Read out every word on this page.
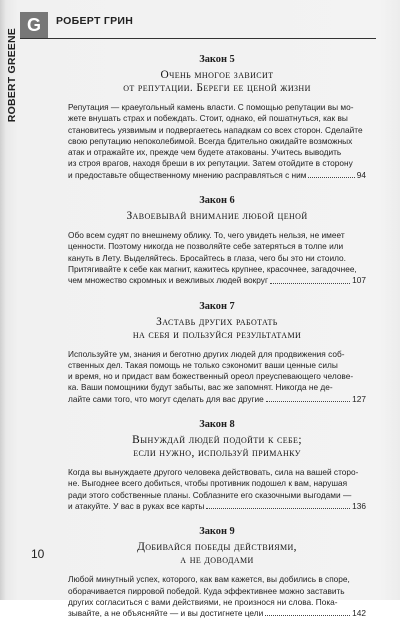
ROBERT GREENE
G	РОБЕРТ ГРИН
Закон 5
Очень многое зависит
от репутации. Береги ее ценой жизни
Репутация — краеугольный камень власти. С помощью репутации вы мо-
жете внушать страх и побеждать. Стоит, однако, ей пошатнуться, как вы
становитесь уязвимым и подвергаетесь нападкам со всех сторон. Сделайте
свою репутацию непоколебимой. Всегда бдительно ожидайте возможных
атак и отражайте их, прежде чем будете атакованы. Учитесь выводить
из строя врагов, находя бреши в их репутации. Затем отойдите в сторону
и предоставьте общественному мнению расправляться с ним	94
Закон 6
Завоевывай внимание любой ценой
Обо всем судят по внешнему облику. То, чего увидеть нельзя, не имеет
ценности. Поэтому никогда не позволяйте себе затеряться в толпе или
кануть в Лету. Выделяйтесь. Бросайтесь в глаза, чего бы это ни стоило.
Притягивайте к себе как магнит, кажитесь крупнее, красочнее, загадочнее,
чем множество скромных и вежливых людей вокруг	107
Закон 7
Заставь других работать
на себя и пользуйся результатами
Используйте ум, знания и беготню других людей для продвижения соб-
ственных дел. Такая помощь не только сэкономит ваши ценные силы
и время, но и придаст вам божественный ореол преуспевающего челове-
ка. Ваши помощники будут забыты, вас же запомнят. Никогда не де-
лайте сами того, что могут сделать для вас другие	127
Закон 8
Вынуждай людей подойти к себе;
если нужно, используй приманку
Когда вы вынуждаете другого человека действовать, сила на вашей сторо-
не. Выгоднее всего добиться, чтобы противник подошел к вам, нарушая
ради этого собственные планы. Соблазните его сказочными выгодами —
и атакуйте. У вас в руках все карты	136
Закон 9
Добивайся победы действиями,
а не доводами
Любой минутный успех, которого, как вам кажется, вы добились в споре,
оборачивается пирровой победой. Куда эффективнее можно заставить
других согласиться с вами действиями, не произнося ни слова. Пока-
зывайте, а не объясняйте — и вы достигнете цели	142
10
